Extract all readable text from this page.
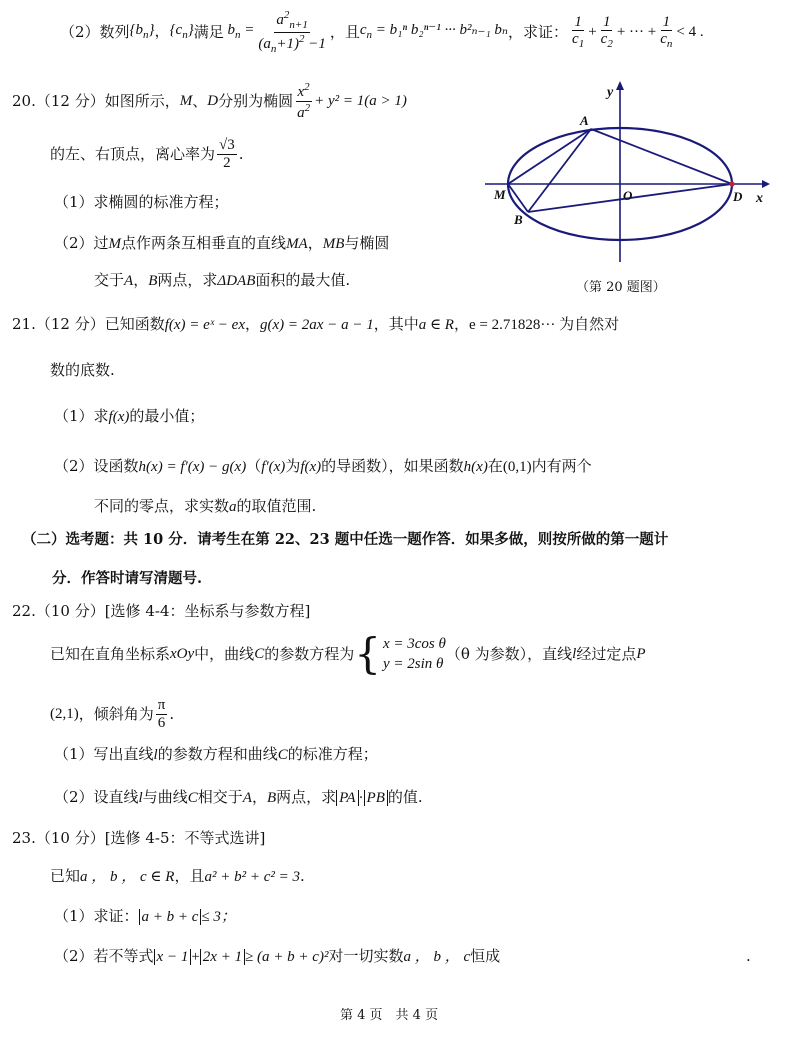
（2）数列 $\{b_n\}$ ， $\{c_n\}$ 满足 $b_n = \frac{a^2_{n+1}}{(a_n+1)^2 -1}$ ，且 $c_n = b_1^n$ b₂ⁿ⁻¹ ··· b²ₙ₋₁ bₙ ，求证： $\frac{1}{c_1} + \frac{1}{c_2}$ + ··· + $\frac{1}{c_n} < 4$ .
20.（12 分）如图所示， M 、 D 分别为椭圆 $\frac{x^2}{a^2} + y^2 = 1$ (a > 1)
的左、右顶点，离心率为 $\frac{√3}{2}$ .
（1）求椭圆的标准方程；
（2）过M点作两条互相垂直的直线MA，MB与椭圆
交于A，B两点，求ΔDAB面积的最大值.
y
x
O
M	D
A
B
（第 20 题图）
21.（12 分）已知函数f(x) = eˣ − ex，g(x) = 2ax − a − 1，其中a ∈ R，e = 2.71828··· 为自然对
数的底数.
（1）求f(x)的最小值；
（2）设函数h(x) = f′(x) − g(x)（f′(x)为f(x)的导函数），如果函数h(x)在(0,1)内有两个
不同的零点，求实数a的取值范围.
（二）选考题：共 10 分．请考生在第 22、23 题中任选一题作答．如果多做，则按所做的第一题计
分．作答时请写清题号.
22.（10 分）[选修 4-4：坐标系与参数方程]
已知在直角坐标系 xOy 中，曲线 C 的参数方程为 { x = 3cos θ
y = 2sin θ
（θ 为参数），直线 l 经过定点 P
(2,1) ，倾斜角为 $\frac{\pi}{6}$ .
（1）写出直线l的参数方程和曲线C的标准方程；
（2）设直线l与曲线C相交于A，B两点，求 PA · PB 的值.
23.（10 分）[选修 4-5：不等式选讲]
已知a ， b ， c ∈ R，且a² + b² + c² = 3.
（1）求证： a + b + c ≤ 3；
（2）若不等式 x − 1 + 2x + 1 ≥ (a + b + c)²对一切实数a ， b ， c恒成	.
第 4 页　共 4 页
